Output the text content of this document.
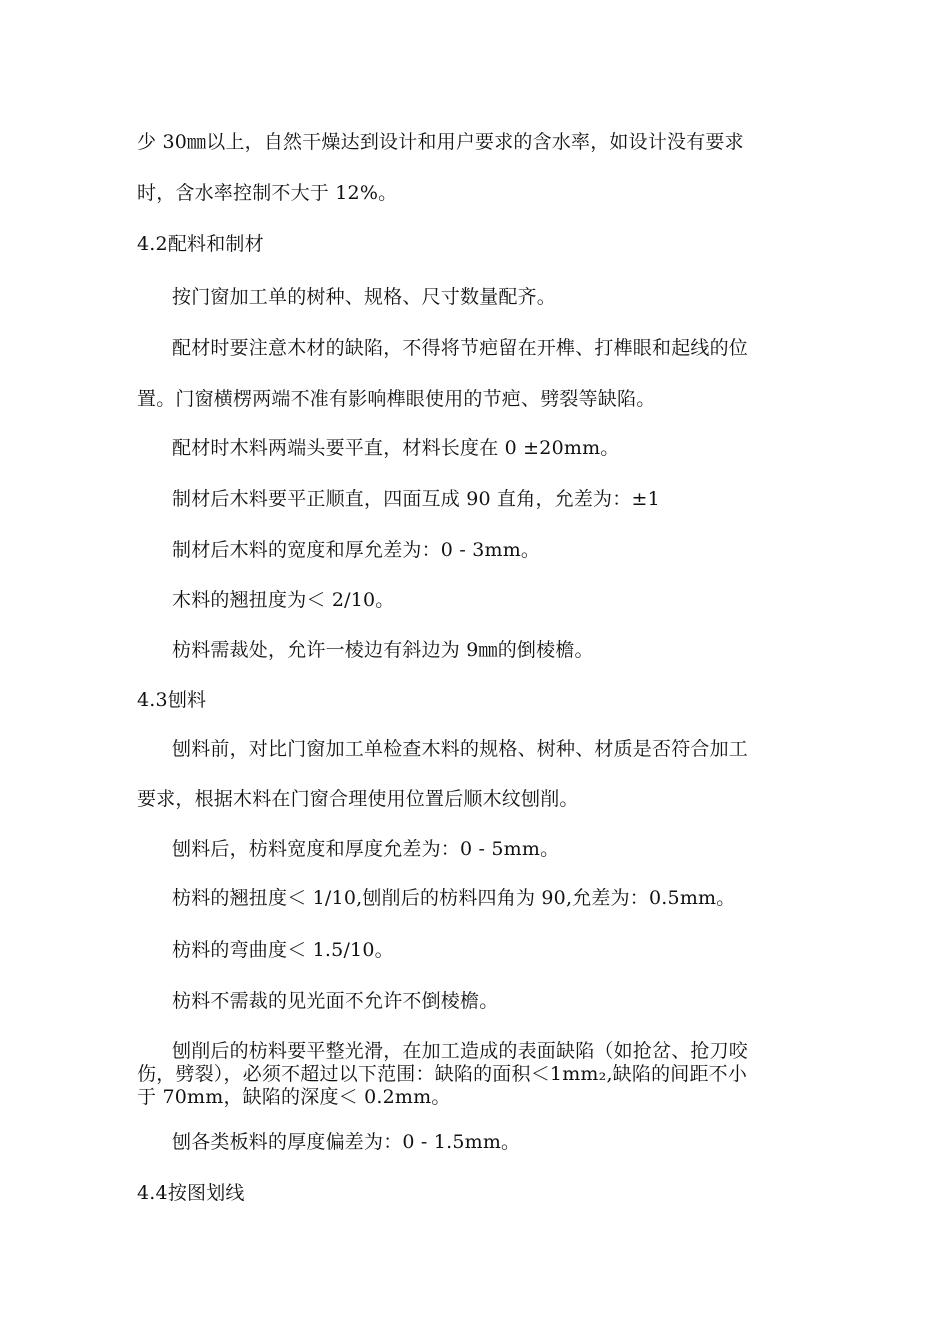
少 30㎜以上，自然干燥达到设计和用户要求的含水率，如设计没有要求
时，含水率控制不大于 12%。
4.2配料和制材
按门窗加工单的树种、规格、尺寸数量配齐。
配材时要注意木材的缺陷，不得将节疤留在开榫、打榫眼和起线的位
置。门窗横楞两端不准有影响榫眼使用的节疤、劈裂等缺陷。
配材时木料两端头要平直，材料长度在 0 ±20mm。
制材后木料要平正顺直，四面互成 90 直角，允差为：±1
制材后木料的宽度和厚允差为：0 - 3mm。
木料的翘扭度为＜ 2/10。
枋料需裁处，允许一棱边有斜边为 9㎜的倒棱檐。
4.3刨料
刨料前，对比门窗加工单检查木料的规格、树种、材质是否符合加工
要求，根据木料在门窗合理使用位置后顺木纹刨削。
刨料后，枋料宽度和厚度允差为：0 - 5mm。
枋料的翘扭度＜ 1/10,刨削后的枋料四角为 90,允差为：0.5mm。
枋料的弯曲度＜ 1.5/10。
枋料不需裁的见光面不允许不倒棱檐。
刨削后的枋料要平整光滑，在加工造成的表面缺陷（如抢岔、抢刀咬
伤，劈裂），必须不超过以下范围：缺陷的面积＜1mm₂,缺陷的间距不小
于 70mm，缺陷的深度＜ 0.2mm。
刨各类板料的厚度偏差为：0 - 1.5mm。
4.4按图划线
